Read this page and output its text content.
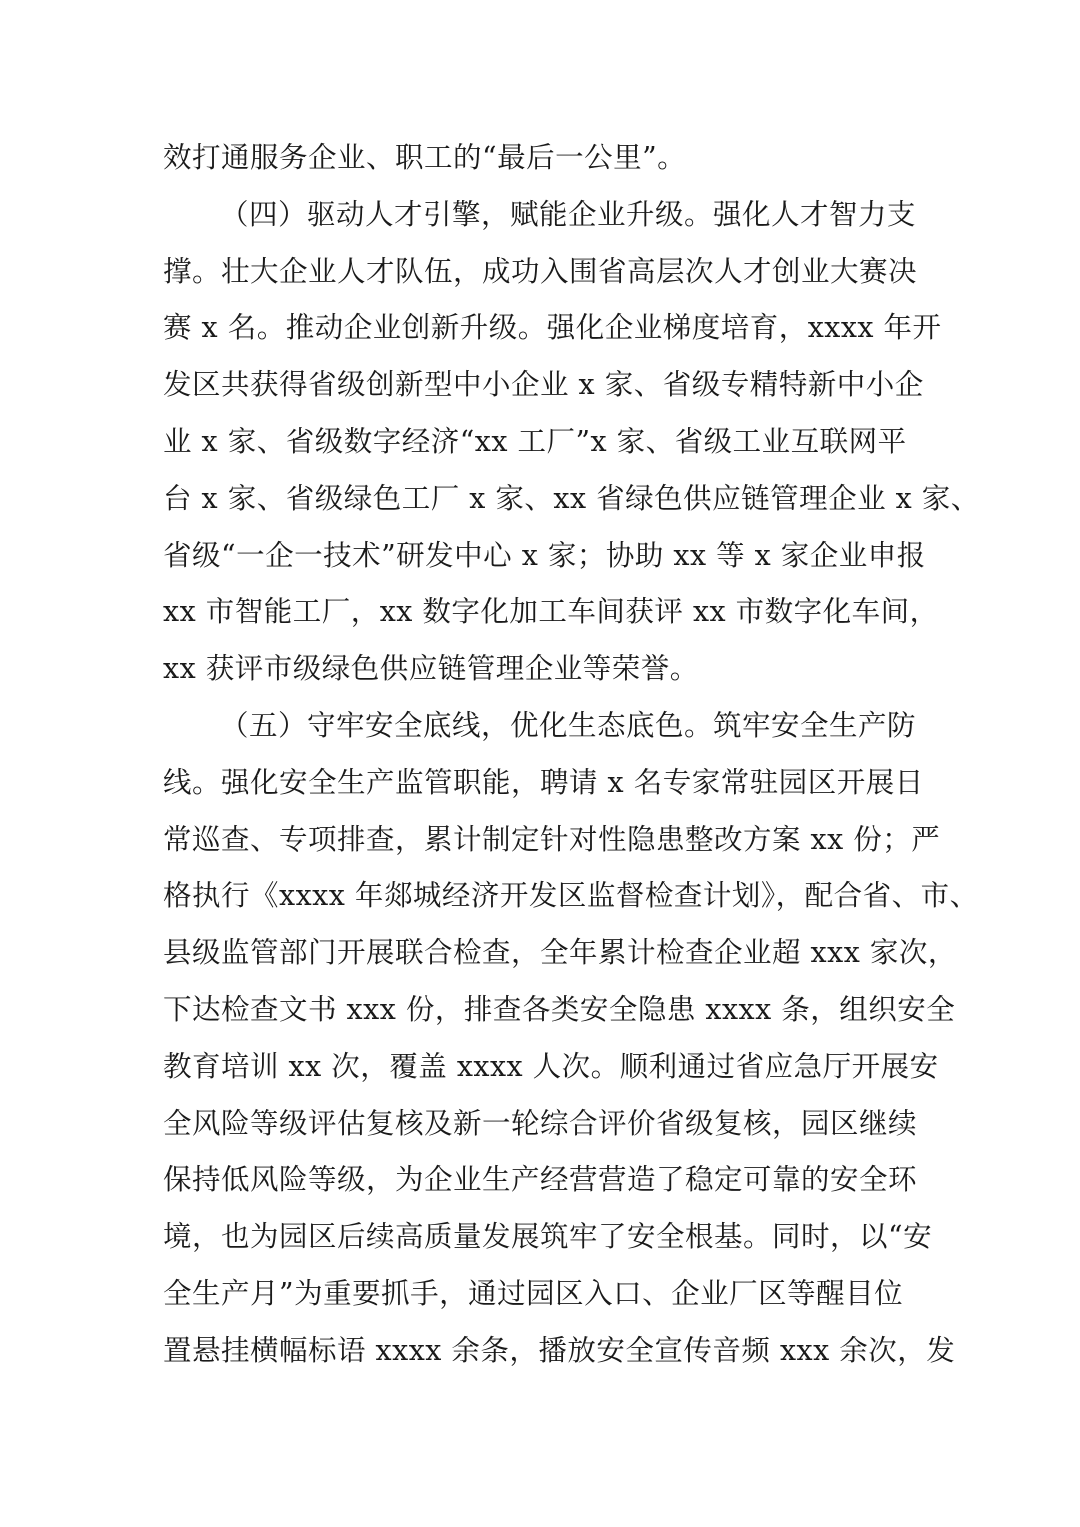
效打通服务企业、职工的“最后一公里”。
（四）驱动人才引擎，赋能企业升级。强化人才智力支
撑。壮大企业人才队伍，成功入围省高层次人才创业大赛决
赛 x 名。推动企业创新升级。强化企业梯度培育，xxxx 年开
发区共获得省级创新型中小企业 x 家、省级专精特新中小企
业 x 家、省级数字经济“xx 工厂”x 家、省级工业互联网平
台 x 家、省级绿色工厂 x 家、xx 省绿色供应链管理企业 x 家、
省级“一企一技术”研发中心 x 家；协助 xx 等 x 家企业申报
xx 市智能工厂，xx 数字化加工车间获评 xx 市数字化车间，
xx 获评市级绿色供应链管理企业等荣誉。
（五）守牢安全底线，优化生态底色。筑牢安全生产防
线。强化安全生产监管职能，聘请 x 名专家常驻园区开展日
常巡查、专项排查，累计制定针对性隐患整改方案 xx 份；严
格执行《xxxx 年郯城经济开发区监督检查计划》，配合省、市、
县级监管部门开展联合检查，全年累计检查企业超 xxx 家次，
下达检查文书 xxx 份，排查各类安全隐患 xxxx 条，组织安全
教育培训 xx 次，覆盖 xxxx 人次。顺利通过省应急厅开展安
全风险等级评估复核及新一轮综合评价省级复核，园区继续
保持低风险等级，为企业生产经营营造了稳定可靠的安全环
境，也为园区后续高质量发展筑牢了安全根基。同时，以“安
全生产月”为重要抓手，通过园区入口、企业厂区等醒目位
置悬挂横幅标语 xxxx 余条，播放安全宣传音频 xxx 余次，发
